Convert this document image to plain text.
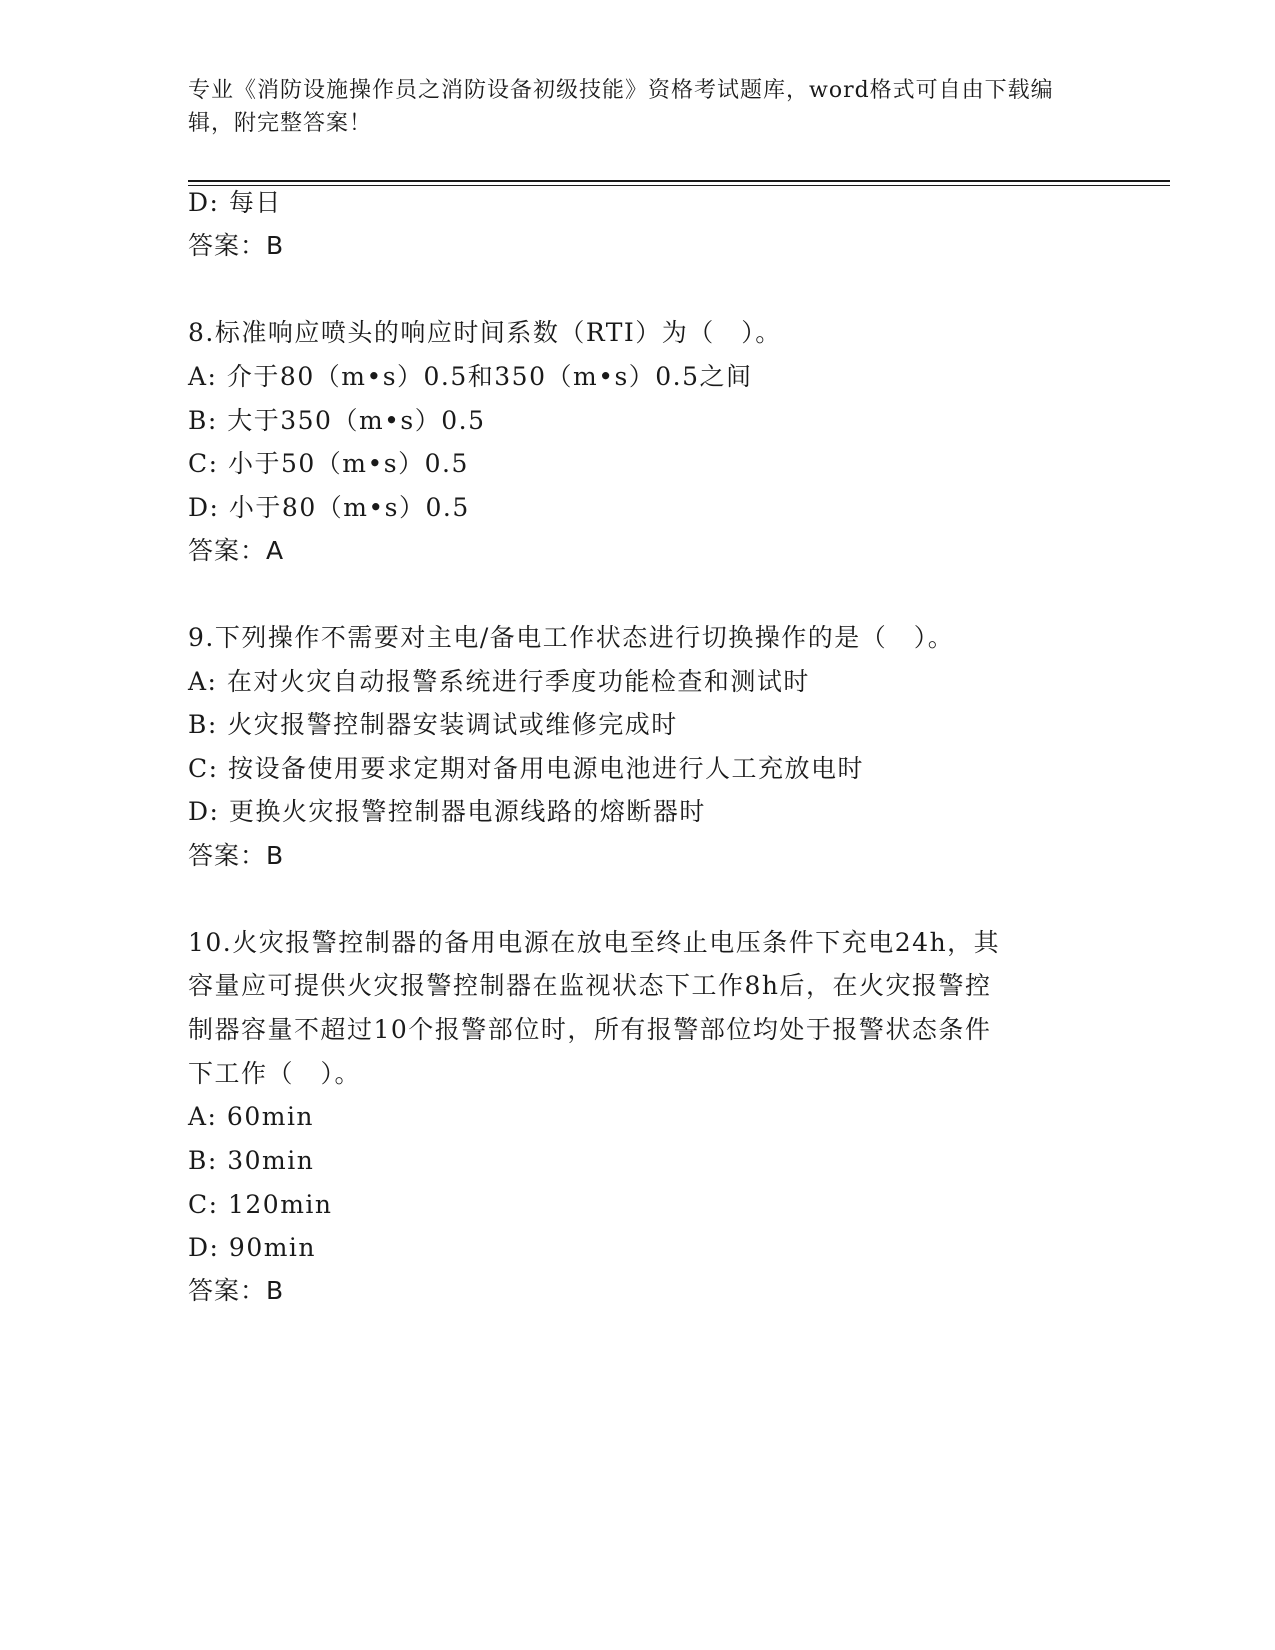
专业《消防设施操作员之消防设备初级技能》资格考试题库，word格式可自由下载编辑，附完整答案！
D: 每日
答案：B
8.标准响应喷头的响应时间系数（RTI）为（　）。
A: 介于80（m•s）0.5和350（m•s）0.5之间
B: 大于350（m•s）0.5
C: 小于50（m•s）0.5
D: 小于80（m•s）0.5
答案：A
9.下列操作不需要对主电/备电工作状态进行切换操作的是（　）。
A: 在对火灾自动报警系统进行季度功能检查和测试时
B: 火灾报警控制器安装调试或维修完成时
C: 按设备使用要求定期对备用电源电池进行人工充放电时
D: 更换火灾报警控制器电源线路的熔断器时
答案：B
10.火灾报警控制器的备用电源在放电至终止电压条件下充电24h，其
容量应可提供火灾报警控制器在监视状态下工作8h后，在火灾报警控
制器容量不超过10个报警部位时，所有报警部位均处于报警状态条件
下工作（　）。
A: 60min
B: 30min
C: 120min
D: 90min
答案：B
